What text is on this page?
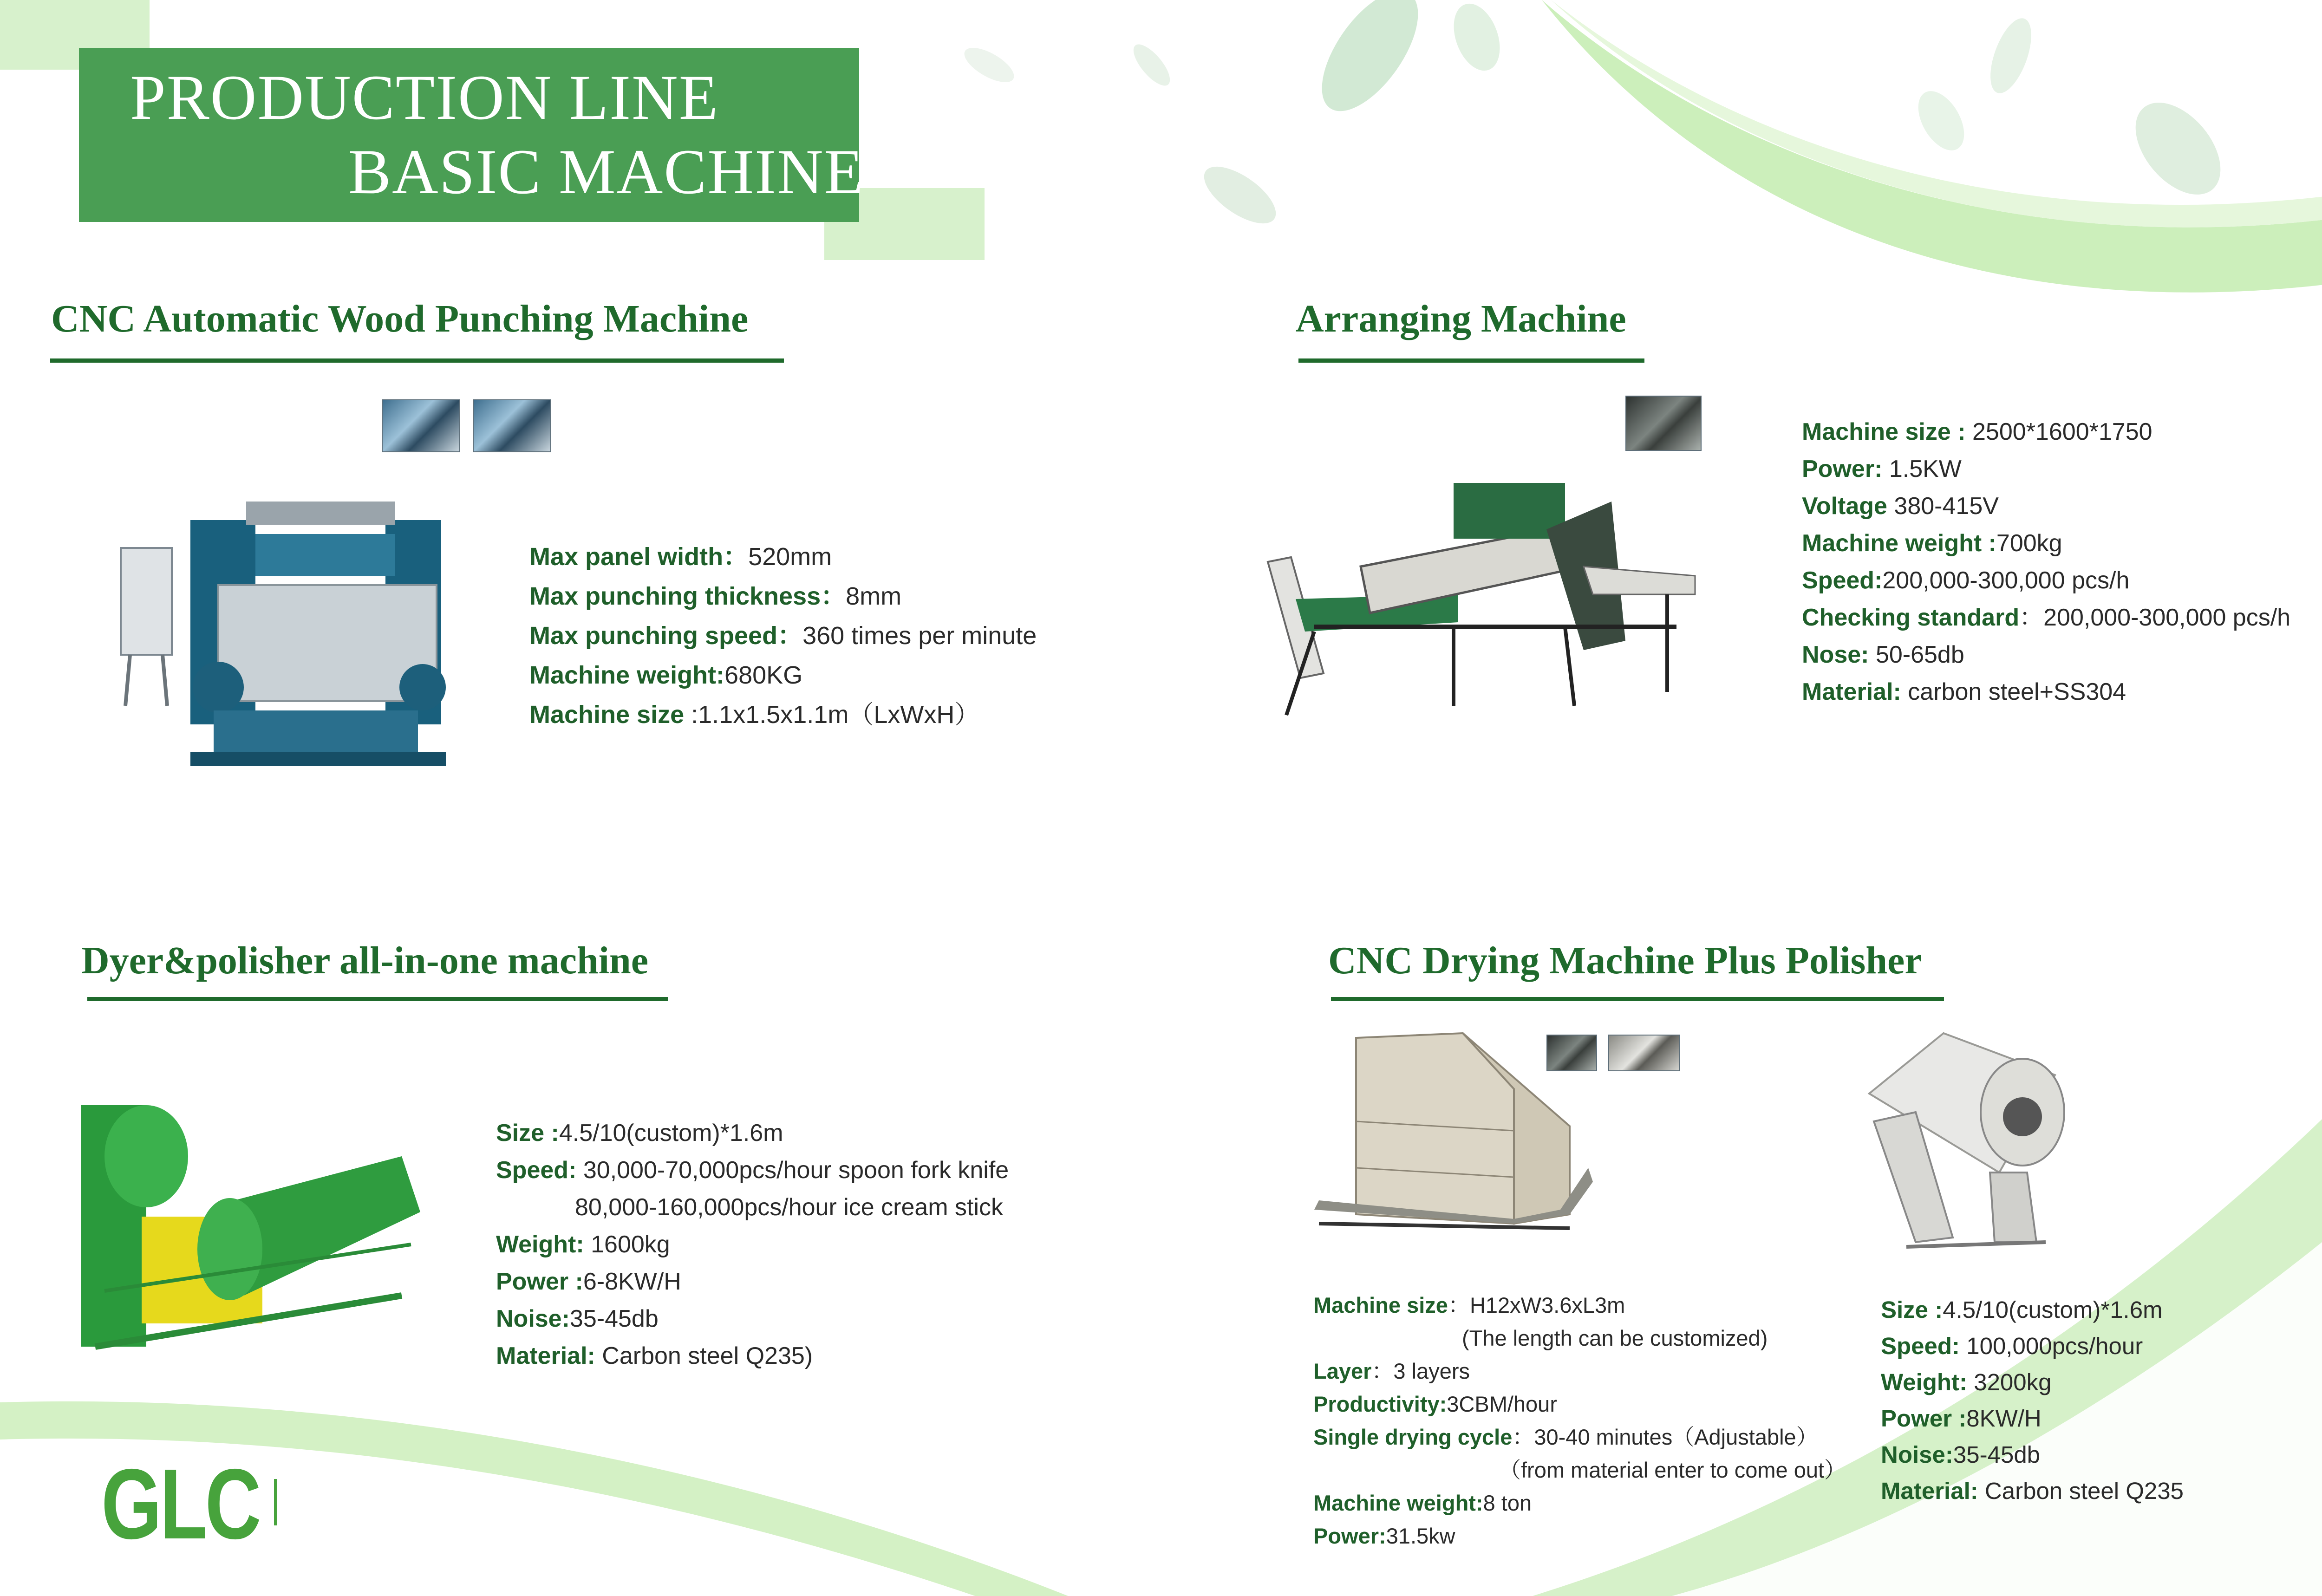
PRODUCTION LINE
BASIC MACHINE
CNC Automatic Wood Punching Machine
Max panel width：520mm
Max punching thickness：8mm
Max punching speed：360 times per minute
Machine weight:680KG
Machine size :1.1x1.5x1.1m（LxWxH）
Arranging Machine
Machine size : 2500*1600*1750
Power: 1.5KW
Voltage 380-415V
Machine weight :700kg
Speed:200,000-300,000 pcs/h
Checking standard：200,000-300,000 pcs/h
Nose: 50-65db
Material: carbon steel+SS304
Dyer&polisher all-in-one machine
Size :4.5/10(custom)*1.6m
Speed: 30,000-70,000pcs/hour spoon fork knife
80,000-160,000pcs/hour ice cream stick
Weight: 1600kg
Power :6-8KW/H
Noise:35-45db
Material: Carbon steel Q235)
CNC Drying Machine Plus Polisher
Machine size：H12xW3.6xL3m
(The length can be customized)
Layer：3 layers
Productivity:3CBM/hour
Single drying cycle：30-40 minutes（Adjustable）
（from material enter to come out）
Machine weight:8 ton
Power:31.5kw
Size :4.5/10(custom)*1.6m
Speed: 100,000pcs/hour
Weight: 3200kg
Power :8KW/H
Noise:35-45db
Material: Carbon steel Q235
GLC
